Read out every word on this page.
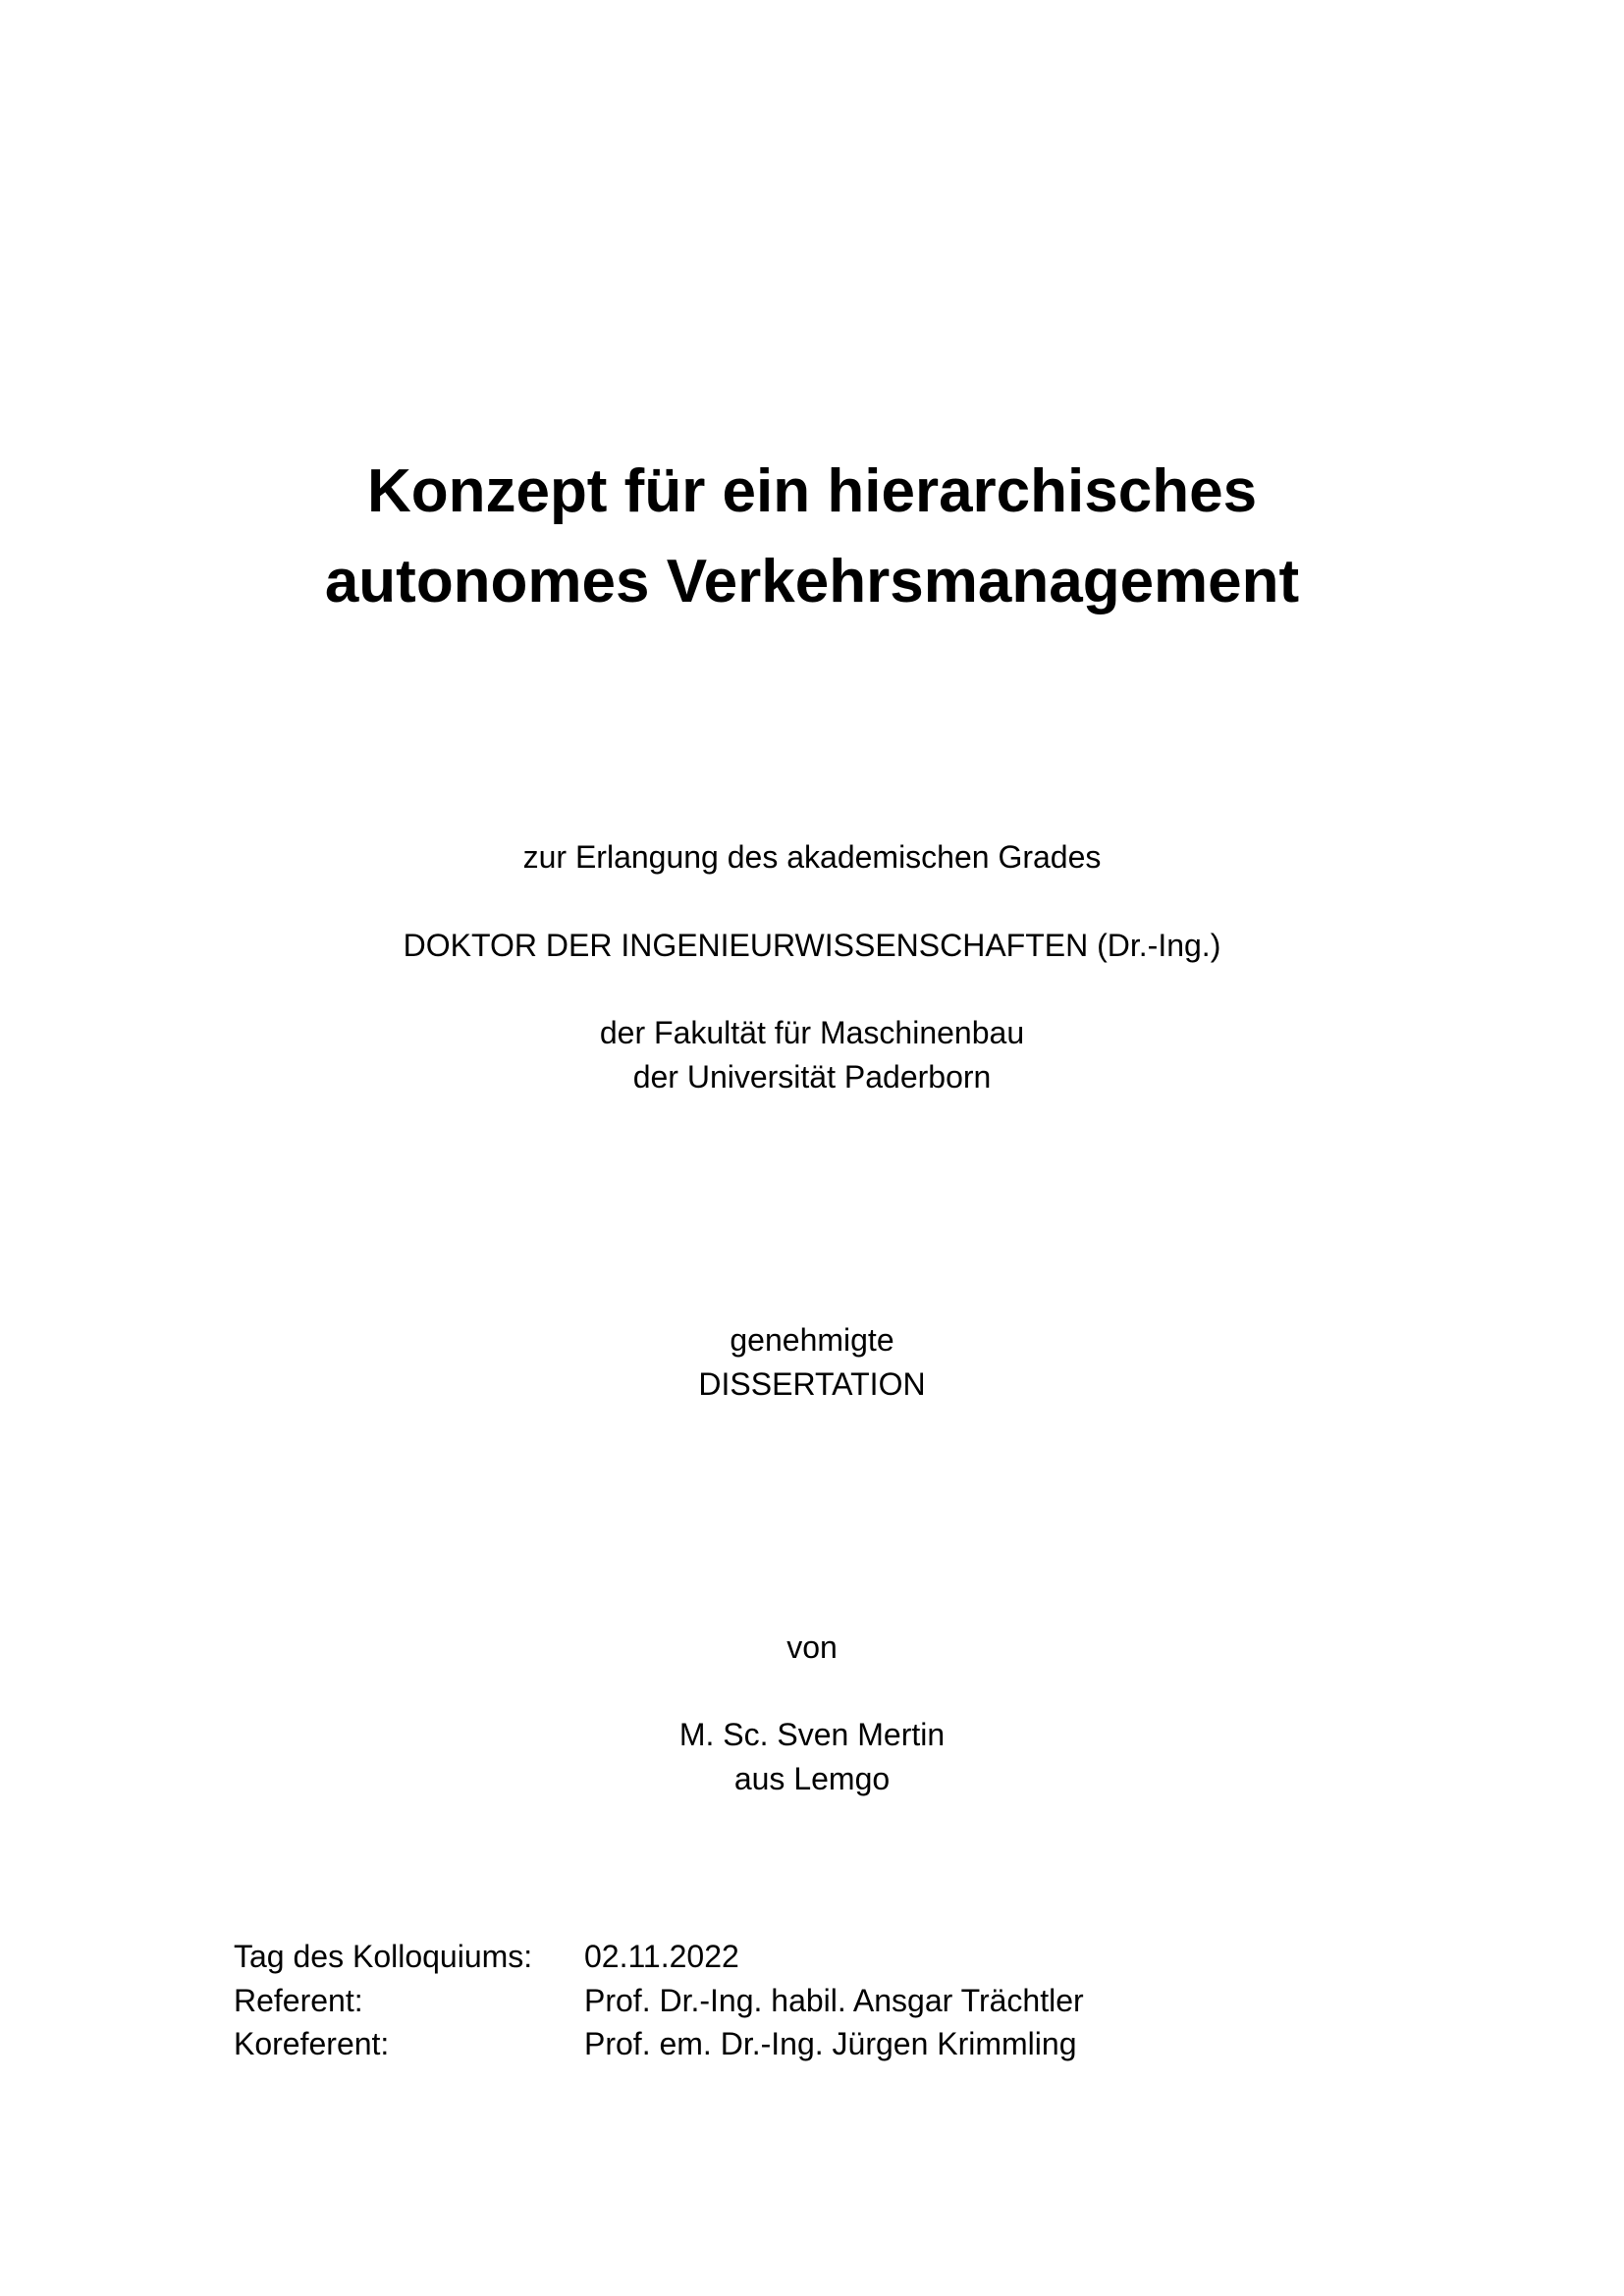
Konzept für ein hierarchisches
autonomes Verkehrsmanagement
zur Erlangung des akademischen Grades
DOKTOR DER INGENIEURWISSENSCHAFTEN (Dr.-Ing.)
der Fakultät für Maschinenbau
der Universität Paderborn
genehmigte
DISSERTATION
von
M. Sc. Sven Mertin
aus Lemgo
Tag des Kolloquiums: 02.11.2022
Referent:	Prof. Dr.-Ing. habil. Ansgar Trächtler
Koreferent:	Prof. em. Dr.-Ing. Jürgen Krimmling
